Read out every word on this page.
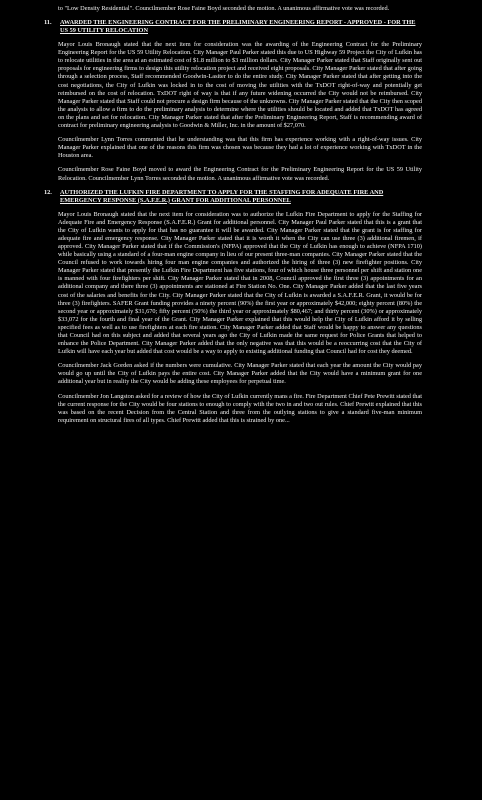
to "Low Density Residential". Councilmember Rose Faine Boyd seconded the motion. A unanimous affirmative vote was recorded.

11.	AWARDED THE ENGINEERING CONTRACT FOR THE PRELIMINARY ENGINEERING REPORT - APPROVED - FOR THE US 59 UTILITY RELOCATION

Mayor Louis Bronaugh stated that the next item for consideration was the awarding of the Engineering Contract for the Preliminary Engineering Report for the US 59 Utility Relocation. City Manager Paul Parker stated this due to US Highway 59 Project the City of Lufkin has to relocate utilities in the area at an estimated cost of $1.8 million to $3 million dollars. City Manager Parker stated that Staff originally sent out proposals for engineering firms to design this utility relocation project and received eight proposals. City Manager Parker stated that after going through a selection process, Staff recommended Goodwin-Lasiter to do the entire study. City Manager Parker stated that after getting into the cost negotiations, the City of Lufkin was locked in to the cost of moving the utilities with the TxDOT right-of-way and potentially get reimbursed on the cost of relocation. TxDOT right of way is that if any future widening occurred the City would not be reimbursed. City Manager Parker stated that Staff could not procure a design firm because of the unknowns. City Manager Parker stated that the City then scoped the analysis to allow a firm to do the preliminary analysis to determine where the utilities should be located and added that TxDOT has agreed on the plans and set for relocation. City Manager Parker stated that after the Preliminary Engineering Report, Staff is recommending award of contract for preliminary engineering analysis to Goodwin & Miller, Inc. in the amount of $27,070.

Councilmember Lynn Torres commented that he understanding was that this firm has experience working with a right-of-way issues. City Manager Parker explained that one of the reasons this firm was chosen was because they had a lot of experience working with TxDOT in the Houston area.

Councilmember Rose Faine Boyd moved to award the Engineering Contract for the Preliminary Engineering Report for the US 59 Utility Relocation. Councilmember Lynn Torres seconded the motion. A unanimous affirmative vote was recorded.

12.	AUTHORIZED THE LUFKIN FIRE DEPARTMENT TO APPLY FOR THE STAFFING FOR ADEQUATE FIRE AND EMERGENCY RESPONSE (S.A.F.E.R.) GRANT FOR ADDITIONAL PERSONNEL

Mayor Louis Bronaugh stated that the next item for consideration was to authorize the Lufkin Fire Department to apply for the Staffing for Adequate Fire and Emergency Response (S.A.F.E.R.) Grant for additional personnel. City Manager Paul Parker stated that this is a grant that the City of Lufkin wants to apply for that has no guarantee it will be awarded. City Manager Parker stated that the grant is for staffing for adequate fire and emergency response. City Manager Parker stated that it is worth it when the City can use three (3) additional firemen, if approved. City Manager Parker stated that if the Commission's (NFPA) approved that the City of Lufkin has enough to achieve (NFPA 1710) while basically using a standard of a four-man engine company in lieu of our present three-man companies. City Manager Parker stated that the Council refused to work towards hiring four man engine companies and authorized the hiring of three (3) new firefighter positions. City Manager Parker stated that presently the Lufkin Fire Department has five stations, four of which house three personnel per shift and station one is manned with four firefighters per shift. City Manager Parker stated that in 2008, Council approved the first three (3) appointments for an additional company and there three (3) appointments are stationed at Fire Station No. One. City Manager Parker added that the last five years cost of the salaries and benefits for the City. City Manager Parker stated that the City of Lufkin is awarded a S.A.F.E.R. Grant, it would be for three (3) firefighters. SAFER Grant funding provides a ninety percent (90%) the first year or approximately $42,000; eighty percent (80%) the second year or approximately $31,670; fifty percent (50%) the third year or approximately $80,467; and thirty percent (30%) or approximately $33,072 for the fourth and final year of the Grant. City Manager Parker explained that this would help the City of Lufkin afford it by selling specified fees as well as to use firefighters at each fire station. City Manager Parker added that Staff would be happy to answer any questions that Council had on this subject and added that several years ago the City of Lufkin made the same request for Police Grants that helped to enhance the Police Department. City Manager Parker added that the only negative was that this would be a reoccurring cost that the City of Lufkin will have each year but added that cost would be a way to apply to existing additional funding that Council had for cost they deemed.

Councilmember Jack Gorden asked if the numbers were cumulative. City Manager Parker stated that each year the amount the City would pay would go up until the City of Lufkin pays the entire cost. City Manager Parker added that the City would have a minimum grant for one additional year but in reality the City would be adding these employees for perpetual time.

Councilmember Jon Langston asked for a review of how the City of Lufkin currently mans a fire. Fire Department Chief Pete Prewitt stated that the current response for the City would be four stations to enough to comply with the two in and two out rules. Chief Prewitt explained that this was based on the recent Decision from the Central Station and three from the outlying stations to give a standard five-man minimum requirement on structural fires of all types. Chief Prewitt added that this is strained by one...
